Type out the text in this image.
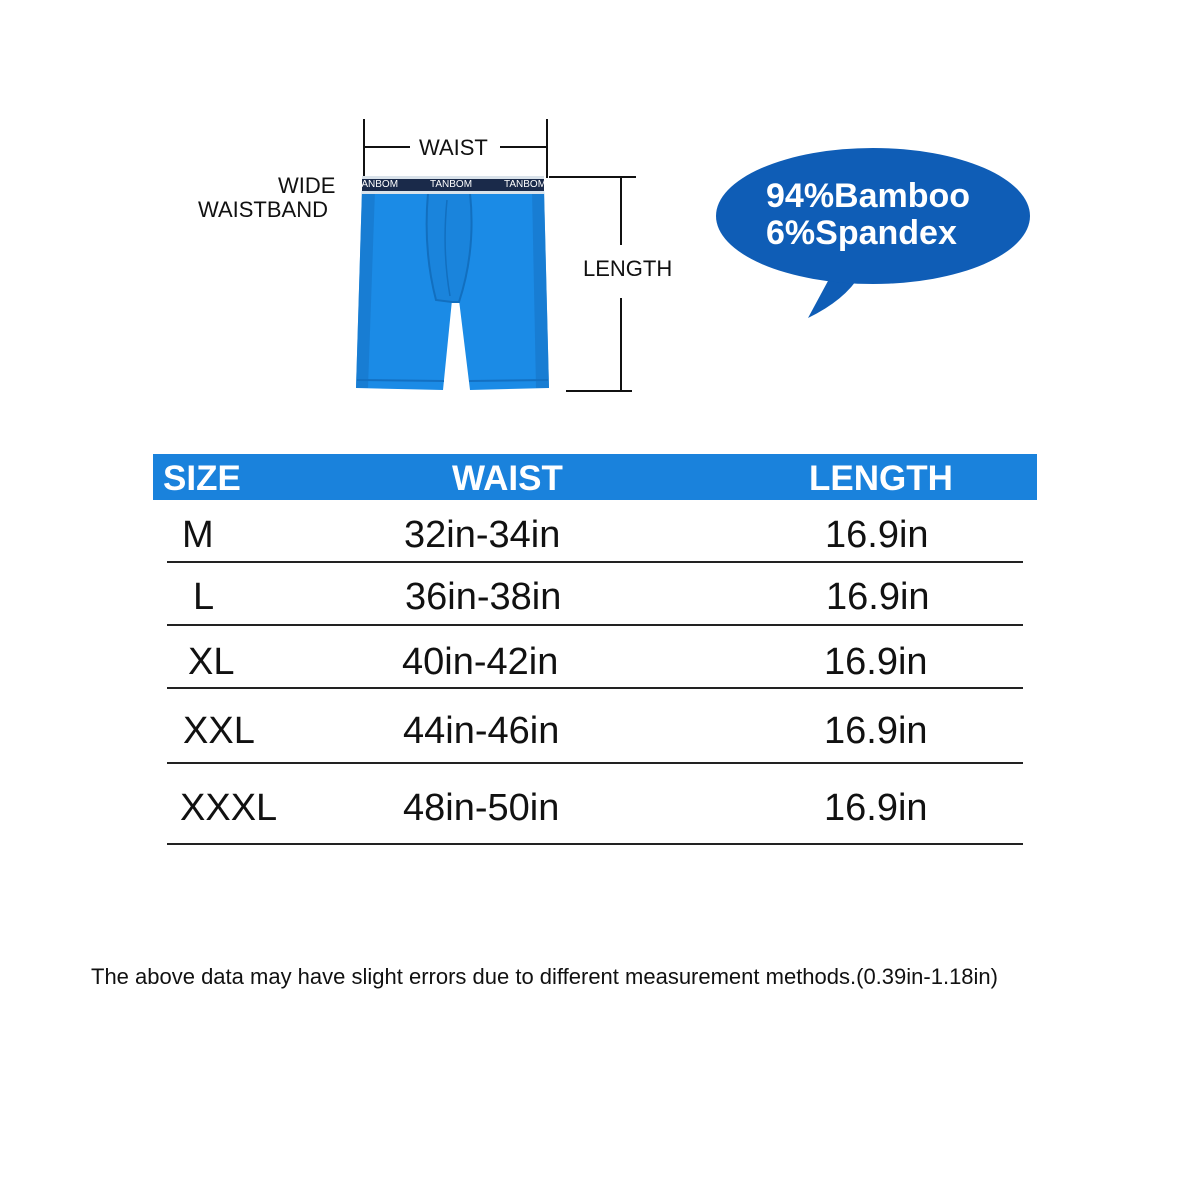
TANBOM	TANBOM	TANBOM
WAIST
WIDE
WAISTBAND
LENGTH
94%Bamboo
6%Spandex
SIZE	WAIST	LENGTH
M	32in-34in	16.9in
L	36in-38in	16.9in
XL	40in-42in	16.9in
XXL	44in-46in	16.9in
XXXL	48in-50in	16.9in
The above data may have slight errors due to different measurement methods.(0.39in-1.18in)
